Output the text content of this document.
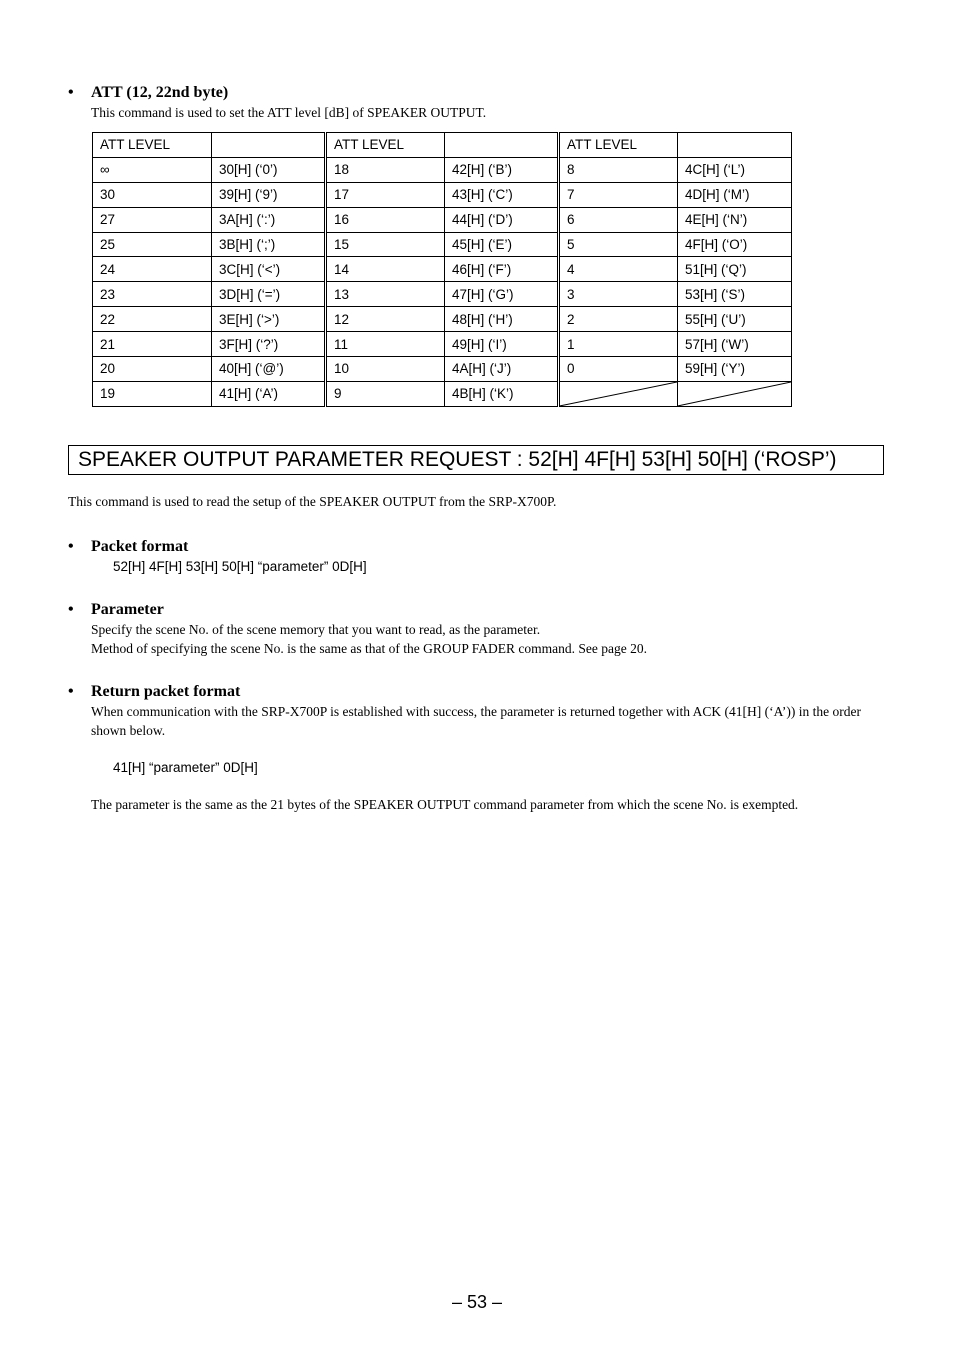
• ATT (12, 22nd byte)
This command is used to set the ATT level [dB] of SPEAKER OUTPUT.
ATT LEVEL		ATT LEVEL		ATT LEVEL	
∞	30[H] (‘0’)	18	42[H] (‘B’)	8	4C[H] (‘L’)
30	39[H] (‘9’)	17	43[H] (‘C’)	7	4D[H] (‘M’)
27	3A[H] (‘:’)	16	44[H] (‘D’)	6	4E[H] (‘N’)
25	3B[H] (‘;’)	15	45[H] (‘E’)	5	4F[H] (‘O’)
24	3C[H] (‘<’)	14	46[H] (‘F’)	4	51[H] (‘Q’)
23	3D[H] (‘=’)	13	47[H] (‘G’)	3	53[H] (‘S’)
22	3E[H] (‘>’)	12	48[H] (‘H’)	2	55[H] (‘U’)
21	3F[H] (‘?’)	11	49[H] (‘I’)	1	57[H] (‘W’)
20	40[H] (‘@’)	10	4A[H] (‘J’)	0	59[H] (‘Y’)
19	41[H] (‘A’)	9	4B[H] (‘K’)	

SPEAKER OUTPUT PARAMETER REQUEST : 52[H] 4F[H] 53[H] 50[H] (‘ROSP’)
This command is used to read the setup of the SPEAKER OUTPUT from the SRP-X700P.
• Packet format
52[H] 4F[H] 53[H] 50[H] “parameter” 0D[H]
• Parameter
Specify the scene No. of the scene memory that you want to read, as the parameter.
Method of specifying the scene No. is the same as that of the GROUP FADER command. See page 20.
• Return packet format
When communication with the SRP-X700P is established with success, the parameter is returned together with ACK (41[H] (‘A’)) in the order shown below.
41[H] “parameter” 0D[H]
The parameter is the same as the 21 bytes of the SPEAKER OUTPUT command parameter from which the scene No. is exempted.
– 53 –
